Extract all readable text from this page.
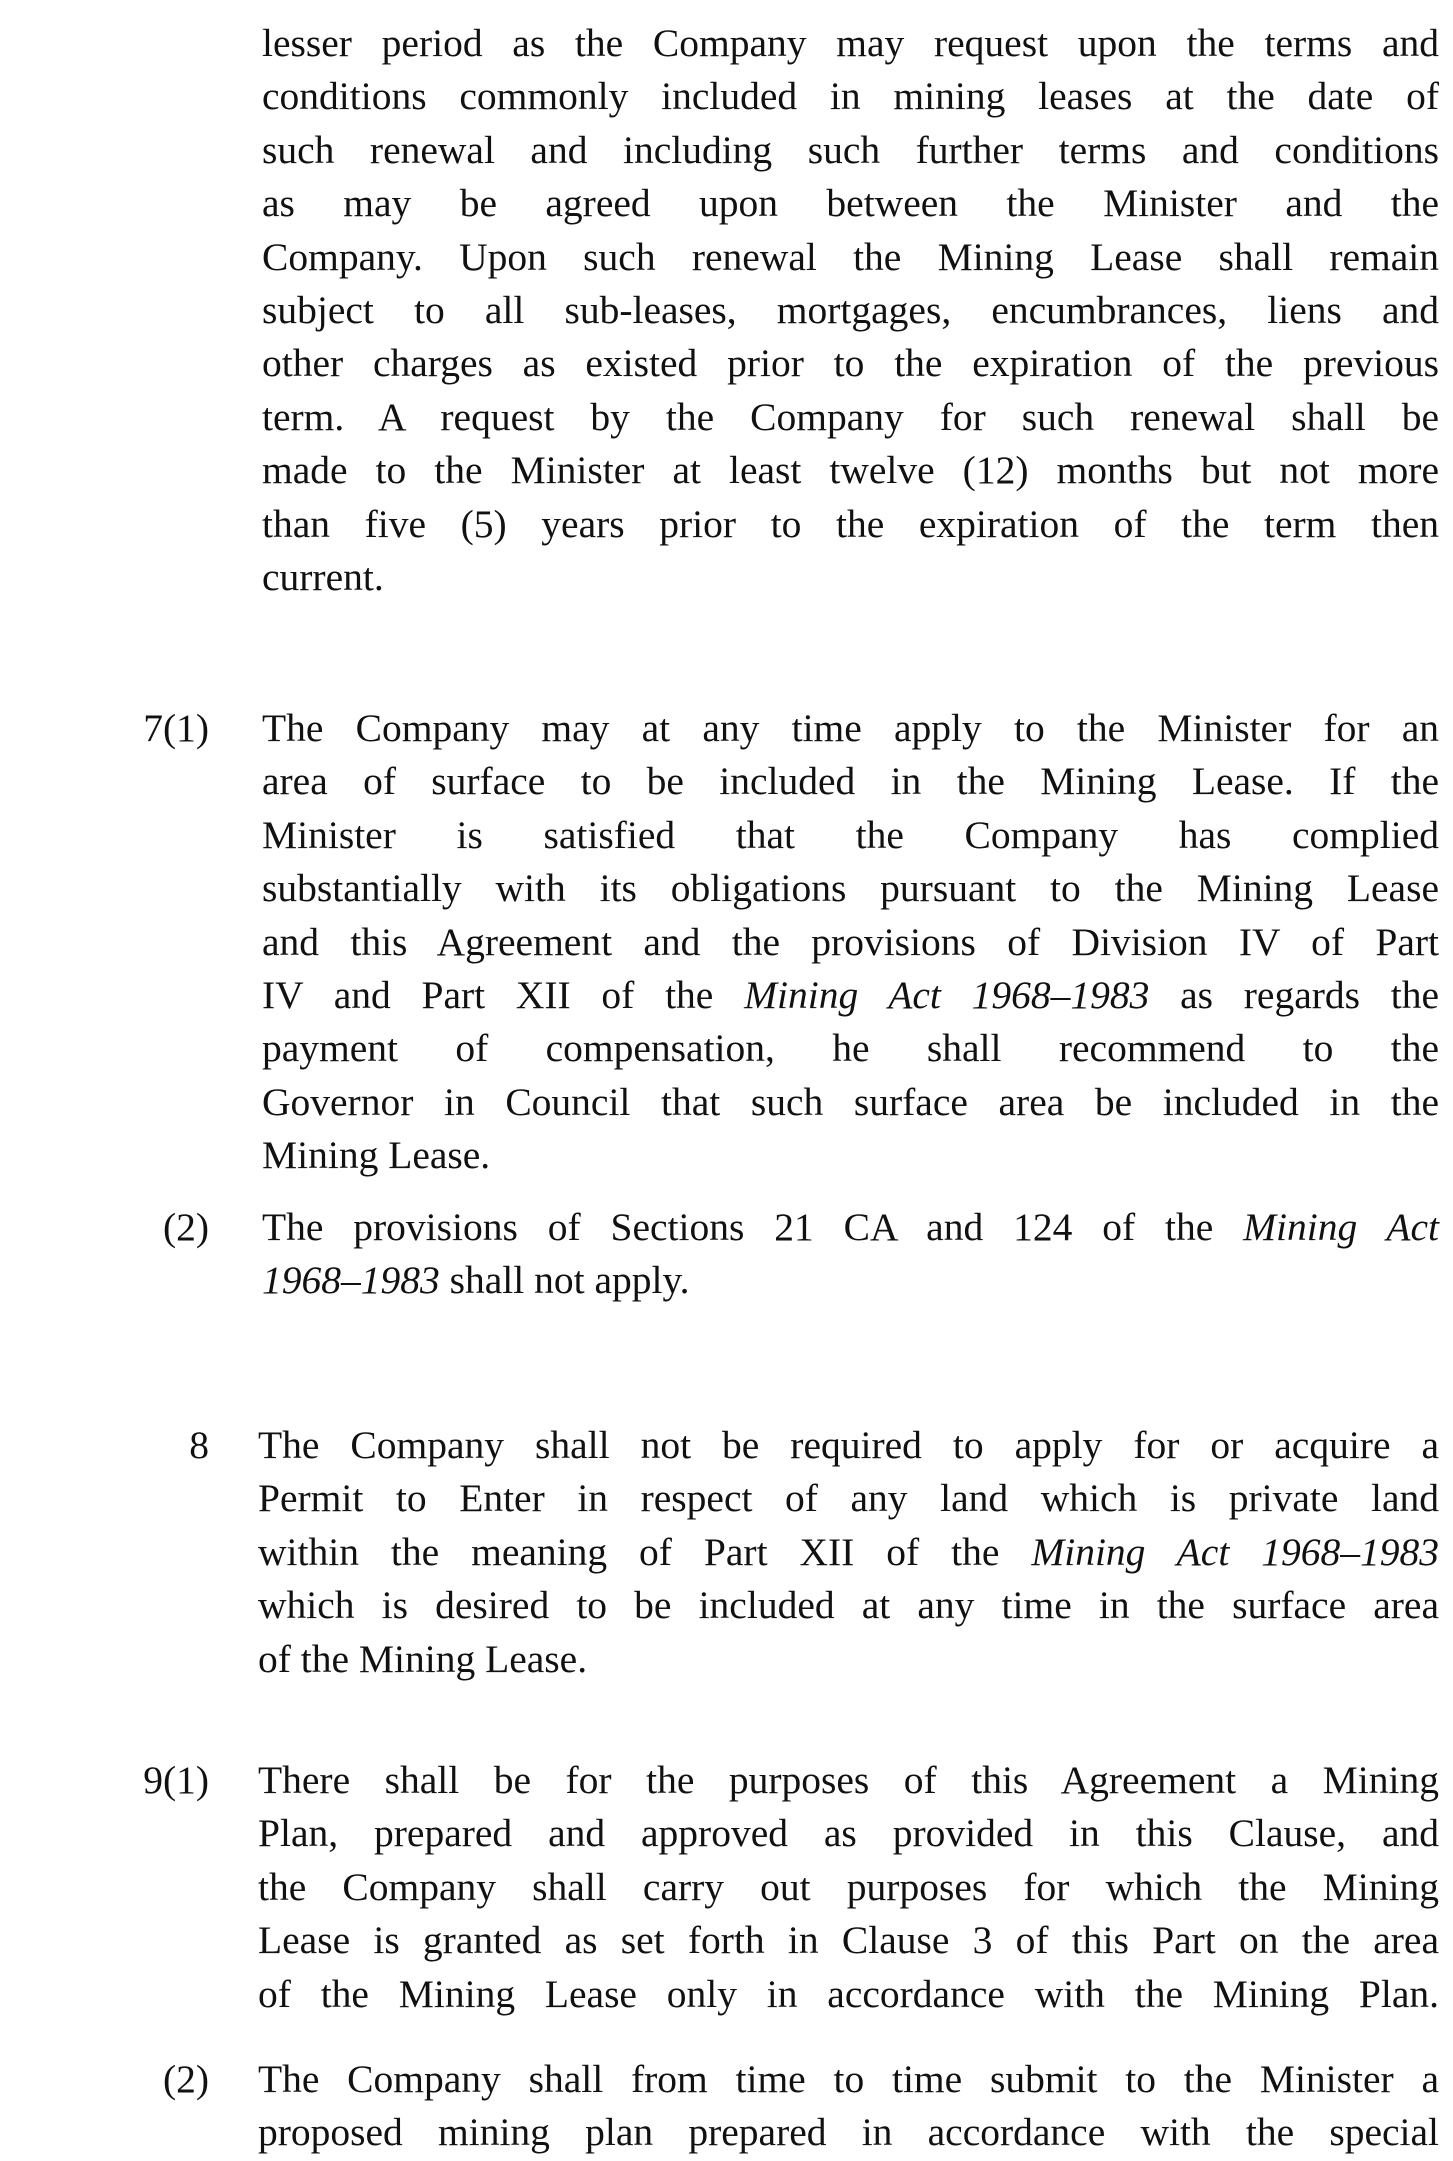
lesser period as the Company may request upon the terms and
conditions commonly included in mining leases at the date of
such renewal and including such further terms and conditions
as may be agreed upon between the Minister and the
Company. Upon such renewal the Mining Lease shall remain
subject to all sub-leases, mortgages, encumbrances, liens and
other charges as existed prior to the expiration of the previous
term. A request by the Company for such renewal shall be
made to the Minister at least twelve (12) months but not more
than five (5) years prior to the expiration of the term then
current.
7(1) The Company may at any time apply to the Minister for an
area of surface to be included in the Mining Lease. If the
Minister is satisfied that the Company has complied
substantially with its obligations pursuant to the Mining Lease
and this Agreement and the provisions of Division IV of Part
IV and Part XII of the Mining Act 1968–1983 as regards the
payment of compensation, he shall recommend to the
Governor in Council that such surface area be included in the
Mining Lease.
(2) The provisions of Sections 21 CA and 124 of the Mining Act
1968–1983 shall not apply.
8 The Company shall not be required to apply for or acquire a
Permit to Enter in respect of any land which is private land
within the meaning of Part XII of the Mining Act 1968–1983
which is desired to be included at any time in the surface area
of the Mining Lease.
9(1) There shall be for the purposes of this Agreement a Mining
Plan, prepared and approved as provided in this Clause, and
the Company shall carry out purposes for which the Mining
Lease is granted as set forth in Clause 3 of this Part on the area
of the Mining Lease only in accordance with the Mining Plan.
(2) The Company shall from time to time submit to the Minister a
proposed mining plan prepared in accordance with the special
